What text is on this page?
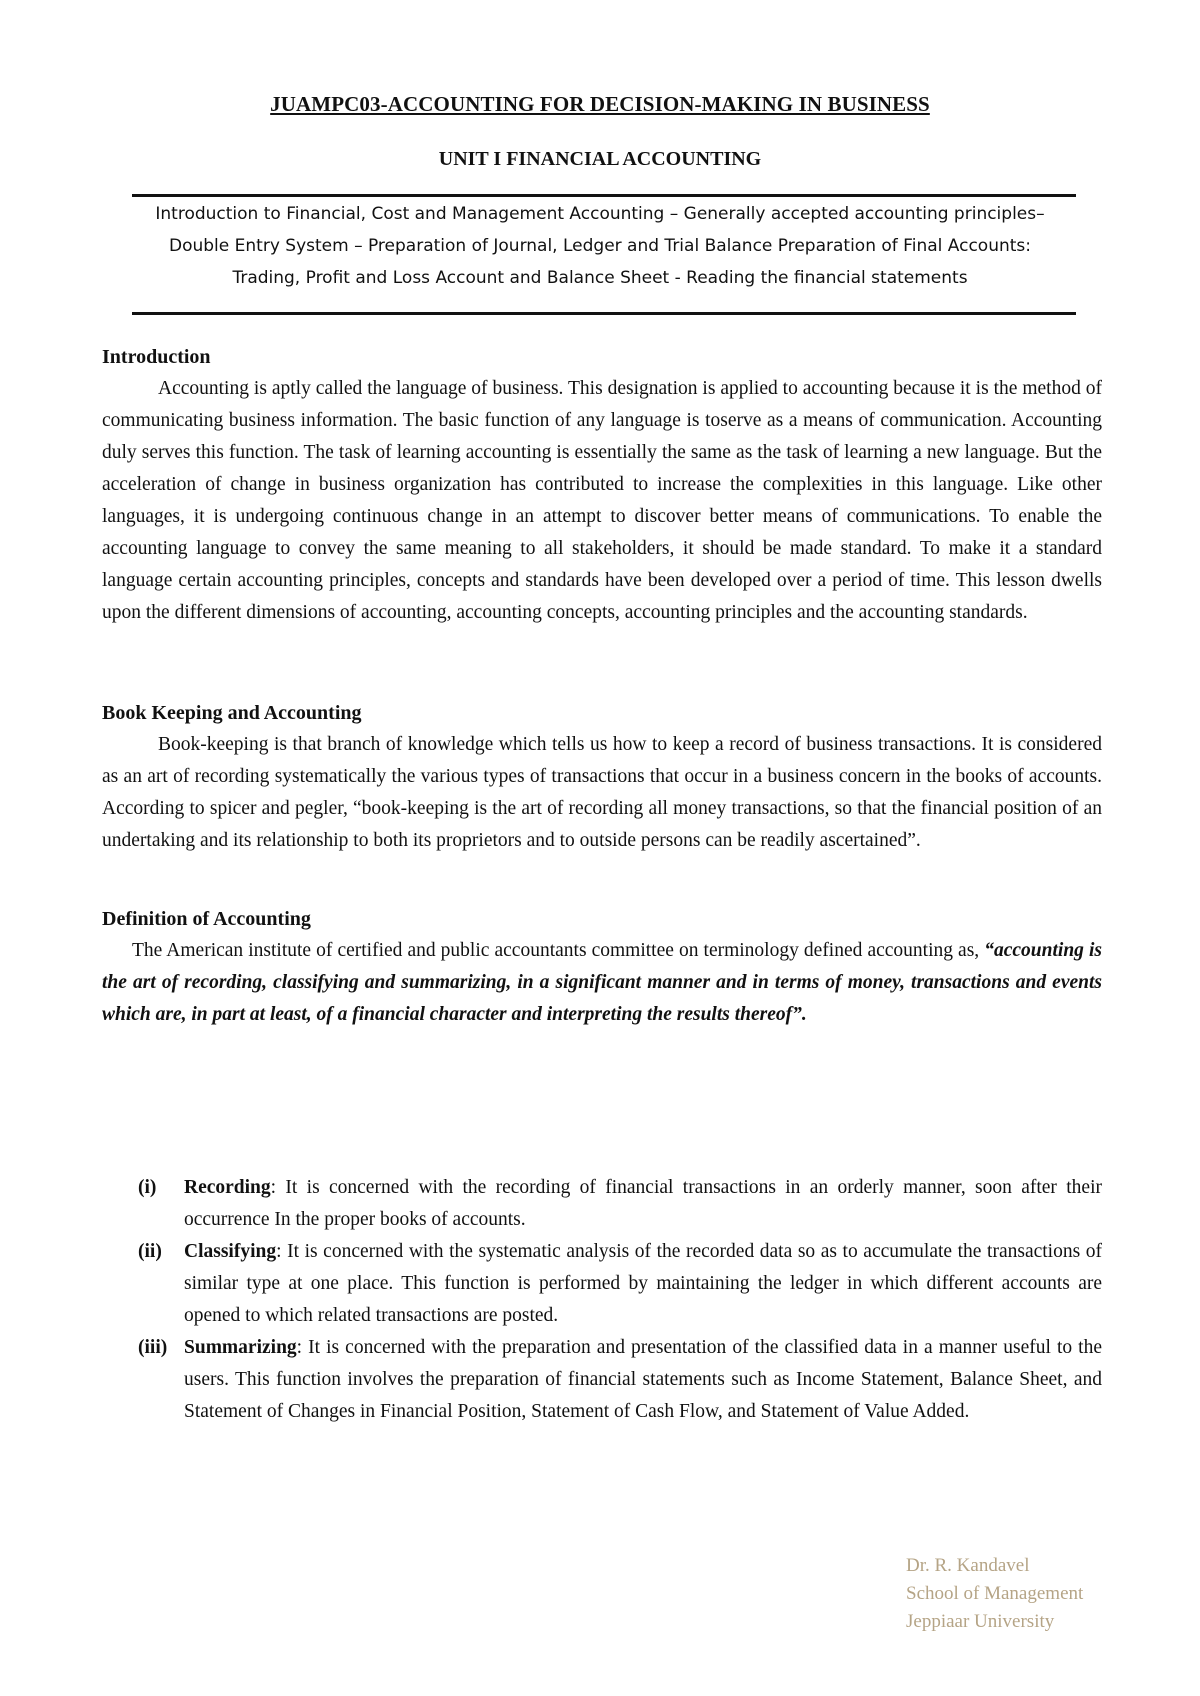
JUAMPC03-ACCOUNTING FOR DECISION-MAKING IN BUSINESS
UNIT I FINANCIAL ACCOUNTING
Introduction to Financial, Cost and Management Accounting – Generally accepted accounting principles–
Double Entry System – Preparation of Journal, Ledger and Trial Balance Preparation of Final Accounts:
Trading, Profit and Loss Account and Balance Sheet - Reading the financial statements
Introduction

Accounting is aptly called the language of business. This designation is applied to accounting because it is the method of communicating business information. The basic function of any language is toserve as a means of communication. Accounting duly serves this function. The task of learning accounting is essentially the same as the task of learning a new language. But the acceleration of change in business organization has contributed to increase the complexities in this language. Like other languages, it is undergoing continuous change in an attempt to discover better means of communications. To enable the accounting language to convey the same meaning to all stakeholders, it should be made standard. To make it a standard language certain accounting principles, concepts and standards have been developed over a period of time. This lesson dwells upon the different dimensions of accounting, accounting concepts, accounting principles and the accounting standards.

Book Keeping and Accounting

Book-keeping is that branch of knowledge which tells us how to keep a record of business transactions. It is considered as an art of recording systematically the various types of transactions that occur in a business concern in the books of accounts. According to spicer and pegler, “book-keeping is the art of recording all money transactions, so that the financial position of an undertaking and its relationship to both its proprietors and to outside persons can be readily ascertained”.

Definition of Accounting

The American institute of certified and public accountants committee on terminology defined accounting as, “accounting is the art of recording, classifying and summarizing, in a significant manner and in terms of money, transactions and events which are, in part at least, of a financial character and interpreting the results thereof”.

(i)	Recording: It is concerned with the recording of financial transactions in an orderly manner, soon after their occurrence In the proper books of accounts.
(ii)	Classifying: It is concerned with the systematic analysis of the recorded data so as to accumulate the transactions of similar type at one place. This function is performed by maintaining the ledger in which different accounts are opened to which related transactions are posted.
(iii) Summarizing: It is concerned with the preparation and presentation of the classified data in a manner useful to the users. This function involves the preparation of financial statements such as Income Statement, Balance Sheet, and Statement of Changes in Financial Position, Statement of Cash Flow, and Statement of Value Added.
Dr. R. Kandavel
School of Management
Jeppiaar University
